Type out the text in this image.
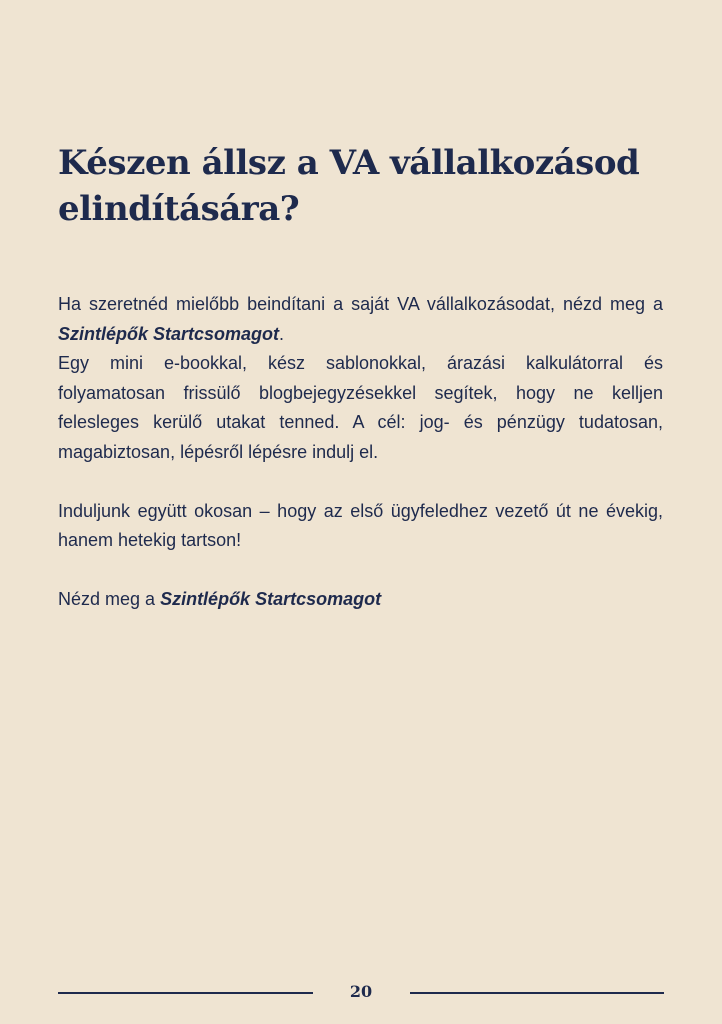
Készen állsz a VA vállalkozásod elindítására?

Ha szeretnéd mielőbb beindítani a saját VA vállalkozásodat, nézd meg a Szintlépők Startcsomagot.

Egy mini e-bookkal, kész sablonokkal, árazási kalkulátorral és folyamatosan frissülő blogbejegyzésekkel segítek, hogy ne kelljen felesleges kerülő utakat tenned. A cél: jog- és pénzügy tudatosan, magabiztosan, lépésről lépésre indulj el.

Induljunk együtt okosan – hogy az első ügyfeledhez vezető út ne évekig, hanem hetekig tartson!

Nézd meg a Szintlépők Startcsomagot

20
